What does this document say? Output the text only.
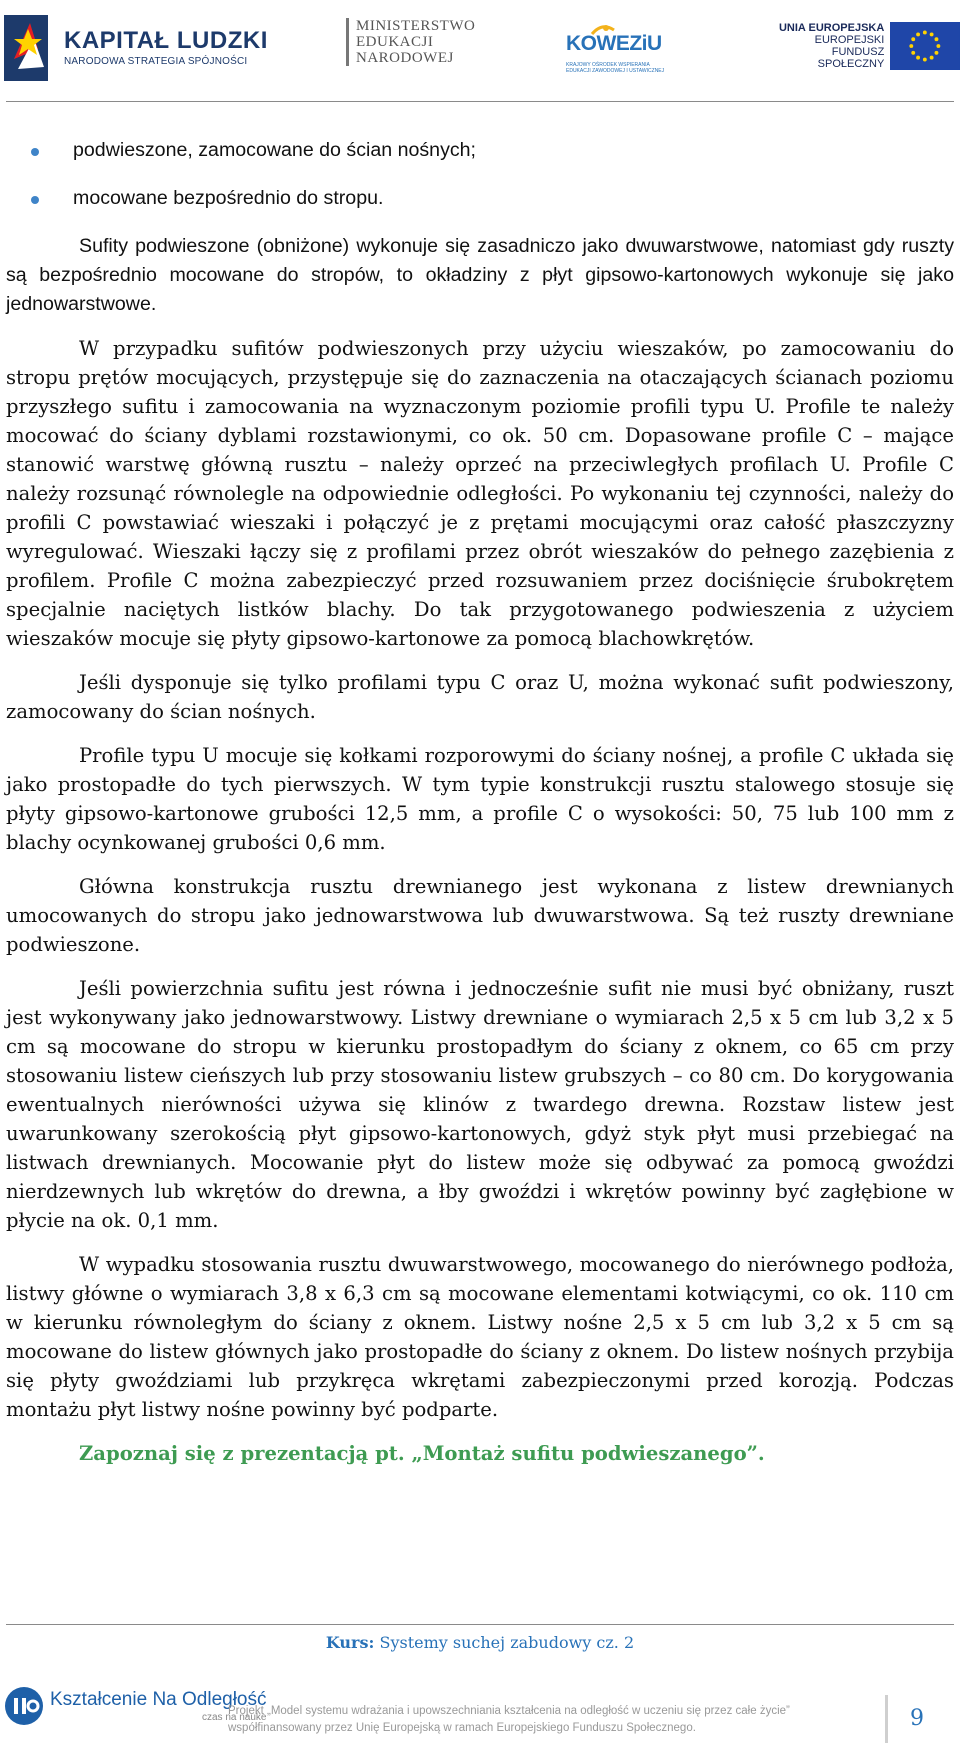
KAPITAŁ LUDZKI
NARODOWA STRATEGIA SPÓJNOŚCI
MINISTERSTWO
EDUKACJI
NARODOWEJ
KOWEZiU
KRAJOWY OŚRODEK WSPIERANIA EDUKACJI ZAWODOWEJ I USTAWICZNEJ
UNIA EUROPEJSKA
EUROPEJSKI
FUNDUSZ SPOŁECZNY
podwieszone, zamocowane do ścian nośnych;
mocowane bezpośrednio do stropu.

Sufity podwieszone (obniżone) wykonuje się zasadniczo jako dwuwarstwowe, natomiast gdy ruszty są bezpośrednio mocowane do stropów, to okładziny z płyt gipsowo-kartonowych wykonuje się jako jednowarstwowe.

W przypadku sufitów podwieszonych przy użyciu wieszaków, po zamocowaniu do stropu prętów mocujących, przystępuje się do zaznaczenia na otaczających ścianach poziomu przyszłego sufitu i zamocowania na wyznaczonym poziomie profili typu U. Profile te należy mocować do ściany dyblami rozstawionymi, co ok. 50 cm. Dopasowane profile C – mające stanowić warstwę główną rusztu – należy oprzeć na przeciwległych profilach U. Profile C należy rozsunąć równolegle na odpowiednie odległości. Po wykonaniu tej czynności, należy do profili C powstawiać wieszaki i połączyć je z prętami mocującymi oraz całość płaszczyzny wyregulować. Wieszaki łączy się z profilami przez obrót wieszaków do pełnego zazębienia z profilem. Profile C można zabezpieczyć przed rozsuwaniem przez dociśnięcie śrubokrętem specjalnie naciętych listków blachy. Do tak przygotowanego podwieszenia z użyciem wieszaków mocuje się płyty gipsowo-kartonowe za pomocą blachowkrętów.

Jeśli dysponuje się tylko profilami typu C oraz U, można wykonać sufit podwieszony, zamocowany do ścian nośnych.

Profile typu U mocuje się kołkami rozporowymi do ściany nośnej, a profile C układa się jako prostopadłe do tych pierwszych. W tym typie konstrukcji rusztu stalowego stosuje się płyty gipsowo-kartonowe grubości 12,5 mm, a profile C o wysokości: 50, 75 lub 100 mm z blachy ocynkowanej grubości 0,6 mm.

Główna konstrukcja rusztu drewnianego jest wykonana z listew drewnianych umocowanych do stropu jako jednowarstwowa lub dwuwarstwowa. Są też ruszty drewniane podwieszone.

Jeśli powierzchnia sufitu jest równa i jednocześnie sufit nie musi być obniżany, ruszt jest wykonywany jako jednowarstwowy. Listwy drewniane o wymiarach 2,5 x 5 cm lub 3,2 x 5 cm są mocowane do stropu w kierunku prostopadłym do ściany z oknem, co 65 cm przy stosowaniu listew cieńszych lub przy stosowaniu listew grubszych – co 80 cm. Do korygowania ewentualnych nierówności używa się klinów z twardego drewna. Rozstaw listew jest uwarunkowany szerokością płyt gipsowo-kartonowych, gdyż styk płyt musi przebiegać na listwach drewnianych. Mocowanie płyt do listew może się odbywać za pomocą gwoździ nierdzewnych lub wkrętów do drewna, a łby gwoździ i wkrętów powinny być zagłębione w płycie na ok. 0,1 mm.

W wypadku stosowania rusztu dwuwarstwowego, mocowanego do nierównego podłoża, listwy główne o wymiarach 3,8 x 6,3 cm są mocowane elementami kotwiącymi, co ok. 110 cm w kierunku równoległym do ściany z oknem. Listwy nośne 2,5 x 5 cm lub 3,2 x 5 cm są mocowane do listew głównych jako prostopadłe do ściany z oknem. Do listew nośnych przybija się płyty gwoździami lub przykręca wkrętami zabezpieczonymi przed korozją. Podczas montażu płyt listwy nośne powinny być podparte.

Zapoznaj się z prezentacją pt. „Montaż sufitu podwieszanego”.

Kurs: Systemy suchej zabudowy cz. 2
Kształcenie Na Odległość
czas na nauke
Projekt „Model systemu wdrażania i upowszechniania kształcenia na odległość w uczeniu się przez całe życie”
współfinansowany przez Unię Europejską w ramach Europejskiego Funduszu Społecznego.	9
